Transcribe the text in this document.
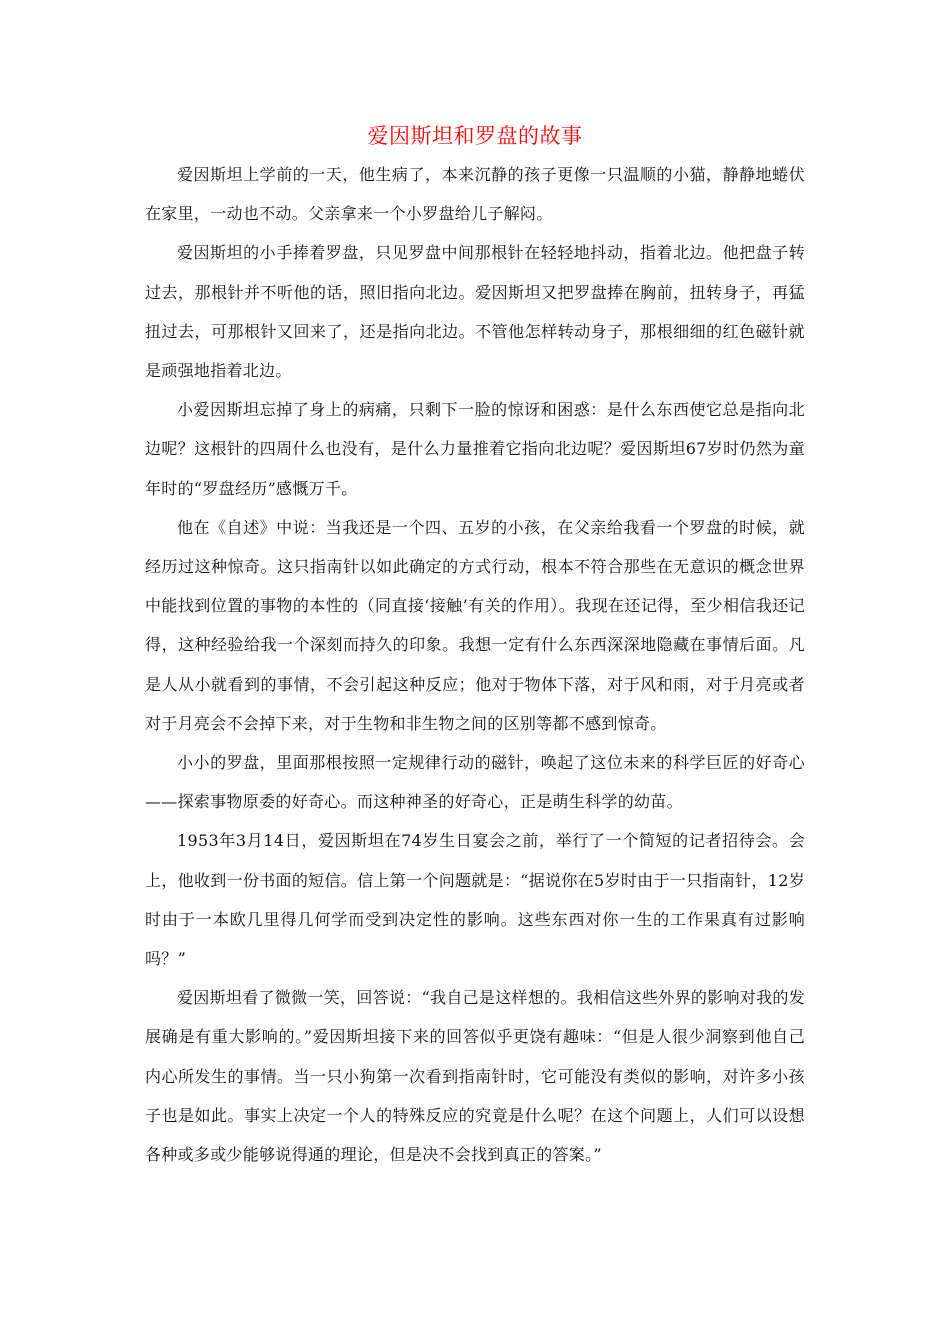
爱因斯坦和罗盘的故事

爱因斯坦上学前的一天，他生病了，本来沉静的孩子更像一只温顺的小猫，静静地蜷伏在家里，一动也不动。父亲拿来一个小罗盘给儿子解闷。

爱因斯坦的小手捧着罗盘，只见罗盘中间那根针在轻轻地抖动，指着北边。他把盘子转过去，那根针并不听他的话，照旧指向北边。爱因斯坦又把罗盘捧在胸前，扭转身子，再猛扭过去，可那根针又回来了，还是指向北边。不管他怎样转动身子，那根细细的红色磁针就是顽强地指着北边。

小爱因斯坦忘掉了身上的病痛，只剩下一脸的惊讶和困惑：是什么东西使它总是指向北边呢？这根针的四周什么也没有，是什么力量推着它指向北边呢？爱因斯坦67岁时仍然为童年时的“罗盘经历”感慨万千。

他在《自述》中说：当我还是一个四、五岁的小孩，在父亲给我看一个罗盘的时候，就经历过这种惊奇。这只指南针以如此确定的方式行动，根本不符合那些在无意识的概念世界中能找到位置的事物的本性的（同直接‘接触’有关的作用）。我现在还记得，至少相信我还记得，这种经验给我一个深刻而持久的印象。我想一定有什么东西深深地隐藏在事情后面。凡是人从小就看到的事情，不会引起这种反应；他对于物体下落，对于风和雨，对于月亮或者对于月亮会不会掉下来，对于生物和非生物之间的区别等都不感到惊奇。

小小的罗盘，里面那根按照一定规律行动的磁针，唤起了这位未来的科学巨匠的好奇心——探索事物原委的好奇心。而这种神圣的好奇心，正是萌生科学的幼苗。

1953年3月14日，爱因斯坦在74岁生日宴会之前，举行了一个简短的记者招待会。会上，他收到一份书面的短信。信上第一个问题就是：“据说你在5岁时由于一只指南针，12岁时由于一本欧几里得几何学而受到决定性的影响。这些东西对你一生的工作果真有过影响吗？”

爱因斯坦看了微微一笑，回答说：“我自己是这样想的。我相信这些外界的影响对我的发展确是有重大影响的。”爱因斯坦接下来的回答似乎更饶有趣味：“但是人很少洞察到他自己内心所发生的事情。当一只小狗第一次看到指南针时，它可能没有类似的影响，对许多小孩子也是如此。事实上决定一个人的特殊反应的究竟是什么呢？在这个问题上，人们可以设想各种或多或少能够说得通的理论，但是决不会找到真正的答案。”
